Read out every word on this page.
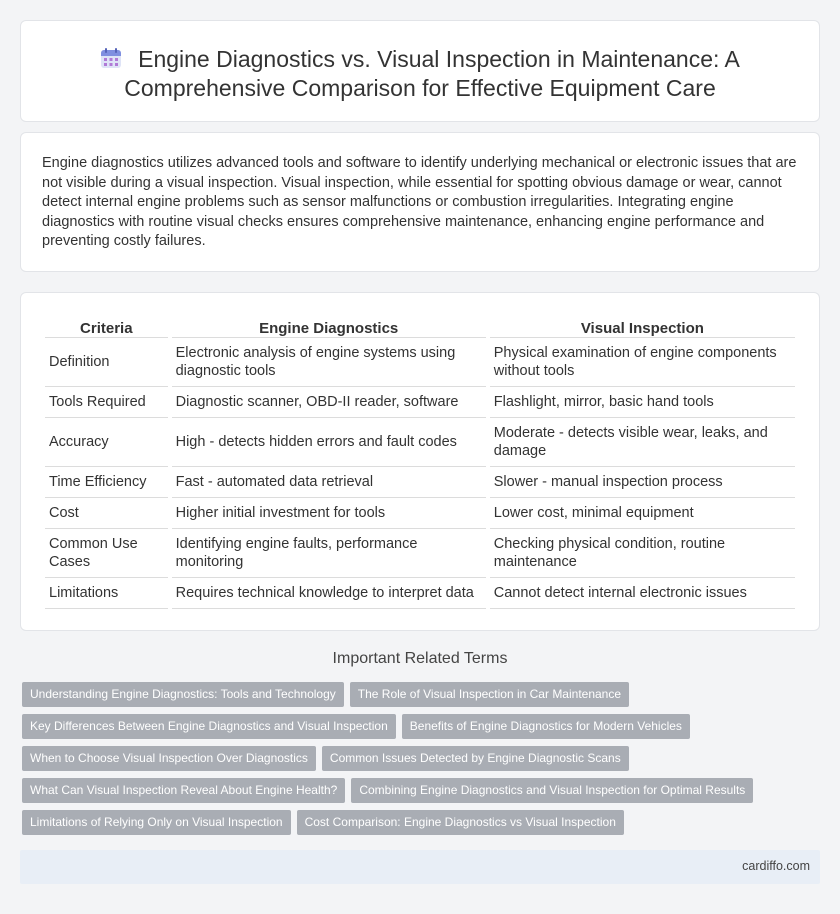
Engine Diagnostics vs. Visual Inspection in Maintenance: A Comprehensive Comparison for Effective Equipment Care

Engine diagnostics utilizes advanced tools and software to identify underlying mechanical or electronic issues that are not visible during a visual inspection. Visual inspection, while essential for spotting obvious damage or wear, cannot detect internal engine problems such as sensor malfunctions or combustion irregularities. Integrating engine diagnostics with routine visual checks ensures comprehensive maintenance, enhancing engine performance and preventing costly failures.

Criteria	Engine Diagnostics	Visual Inspection
Definition	Electronic analysis of engine systems using diagnostic tools	Physical examination of engine components without tools
Tools Required	Diagnostic scanner, OBD-II reader, software	Flashlight, mirror, basic hand tools
Accuracy	High - detects hidden errors and fault codes	Moderate - detects visible wear, leaks, and damage
Time Efficiency	Fast - automated data retrieval	Slower - manual inspection process
Cost	Higher initial investment for tools	Lower cost, minimal equipment
Common Use Cases	Identifying engine faults, performance monitoring	Checking physical condition, routine maintenance
Limitations	Requires technical knowledge to interpret data	Cannot detect internal electronic issues
Important Related Terms
Understanding Engine Diagnostics: Tools and Technology	The Role of Visual Inspection in Car Maintenance
Key Differences Between Engine Diagnostics and Visual Inspection	Benefits of Engine Diagnostics for Modern Vehicles
When to Choose Visual Inspection Over Diagnostics	Common Issues Detected by Engine Diagnostic Scans
What Can Visual Inspection Reveal About Engine Health?	Combining Engine Diagnostics and Visual Inspection for Optimal Results
Limitations of Relying Only on Visual Inspection	Cost Comparison: Engine Diagnostics vs Visual Inspection
cardiffo.com
